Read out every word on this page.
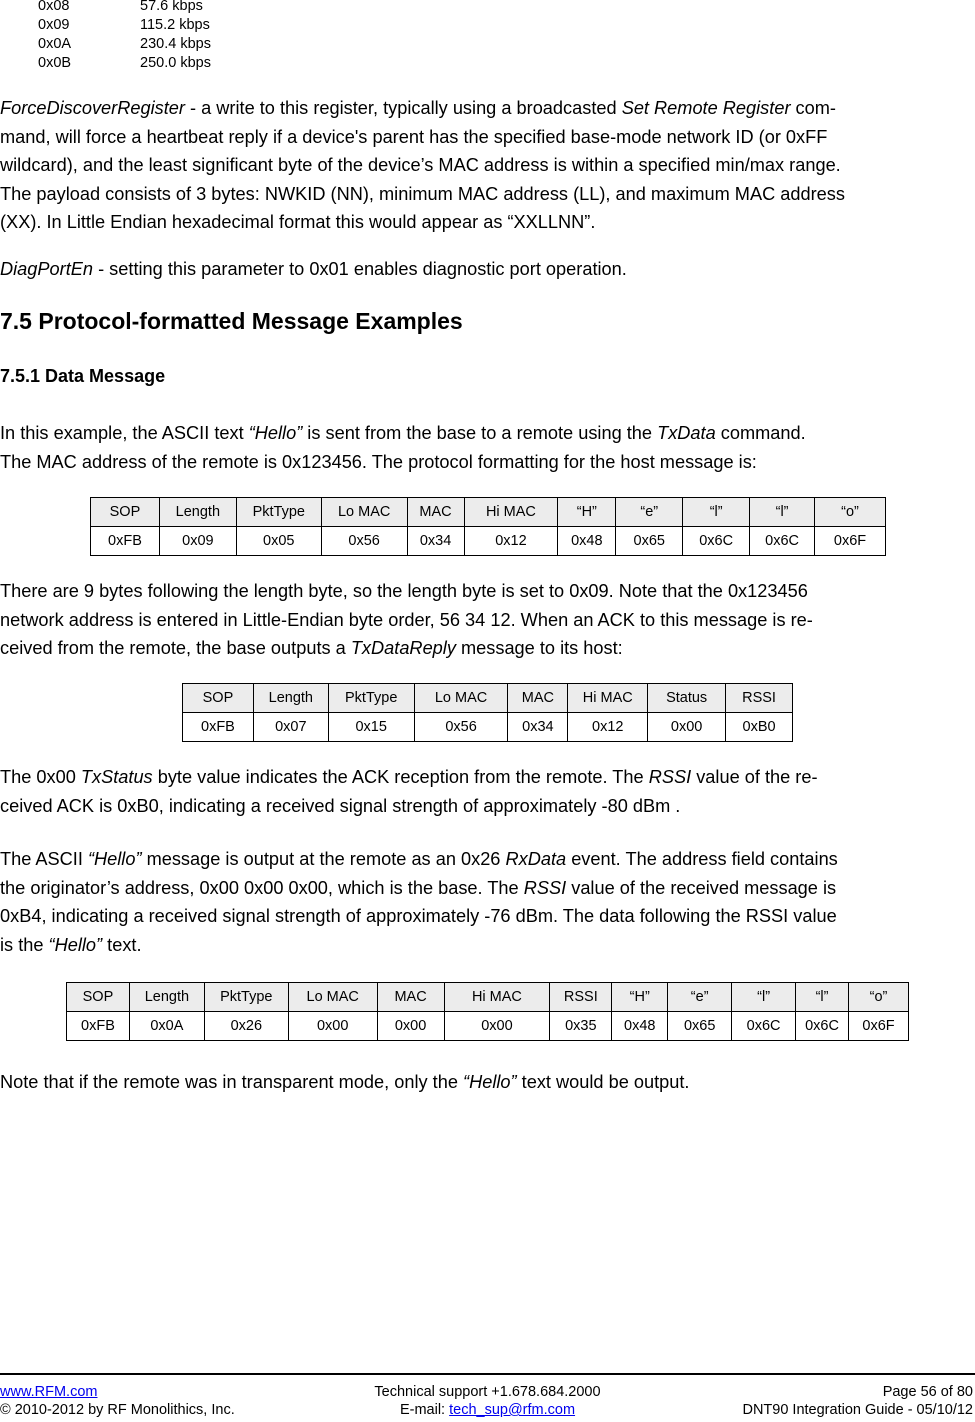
0x08	57.6 kbps
0x09	115.2 kbps
0x0A	230.4 kbps
0x0B	250.0 kbps

ForceDiscoverRegister - a write to this register, typically using a broadcasted Set Remote Register com-
mand, will force a heartbeat reply if a device's parent has the specified base-mode network ID (or 0xFF
wildcard), and the least significant byte of the device’s MAC address is within a specified min/max range.
The payload consists of 3 bytes: NWKID (NN), minimum MAC address (LL), and maximum MAC address
(XX). In Little Endian hexadecimal format this would appear as “XXLLNN”.

DiagPortEn - setting this parameter to 0x01 enables diagnostic port operation.

7.5 Protocol-formatted Message Examples
7.5.1 Data Message

In this example, the ASCII text “Hello” is sent from the base to a remote using the TxData command.
The MAC address of the remote is 0x123456. The protocol formatting for the host message is:

SOP	Length	PktType	Lo MAC	MAC	Hi MAC	“H”	“e”	“l”	“l”	“o”
0xFB	0x09	0x05	0x56	0x34	0x12	0x48	0x65	0x6C	0x6C	0x6F

There are 9 bytes following the length byte, so the length byte is set to 0x09. Note that the 0x123456
network address is entered in Little-Endian byte order, 56 34 12. When an ACK to this message is re-
ceived from the remote, the base outputs a TxDataReply message to its host:

SOP	Length	PktType	Lo MAC	MAC	Hi MAC	Status	RSSI
0xFB	0x07	0x15	0x56	0x34	0x12	0x00	0xB0

The 0x00 TxStatus byte value indicates the ACK reception from the remote. The RSSI value of the re-
ceived ACK is 0xB0, indicating a received signal strength of approximately -80 dBm .

The ASCII “Hello” message is output at the remote as an 0x26 RxData event. The address field contains
the originator’s address, 0x00 0x00 0x00, which is the base. The RSSI value of the received message is
0xB4, indicating a received signal strength of approximately -76 dBm. The data following the RSSI value
is the “Hello” text.

SOP	Length	PktType	Lo MAC	MAC	Hi MAC	RSSI	“H”	“e”	“l”	“l”	“o”
0xFB	0x0A	0x26	0x00	0x00	0x00	0x35	0x48	0x65	0x6C	0x6C	0x6F

Note that if the remote was in transparent mode, only the “Hello” text would be output.

www.RFM.com
© 2010-2012 by RF Monolithics, Inc.
Technical support +1.678.684.2000
E-mail: tech_sup@rfm.com
Page 56 of 80
DNT90 Integration Guide - 05/10/12
